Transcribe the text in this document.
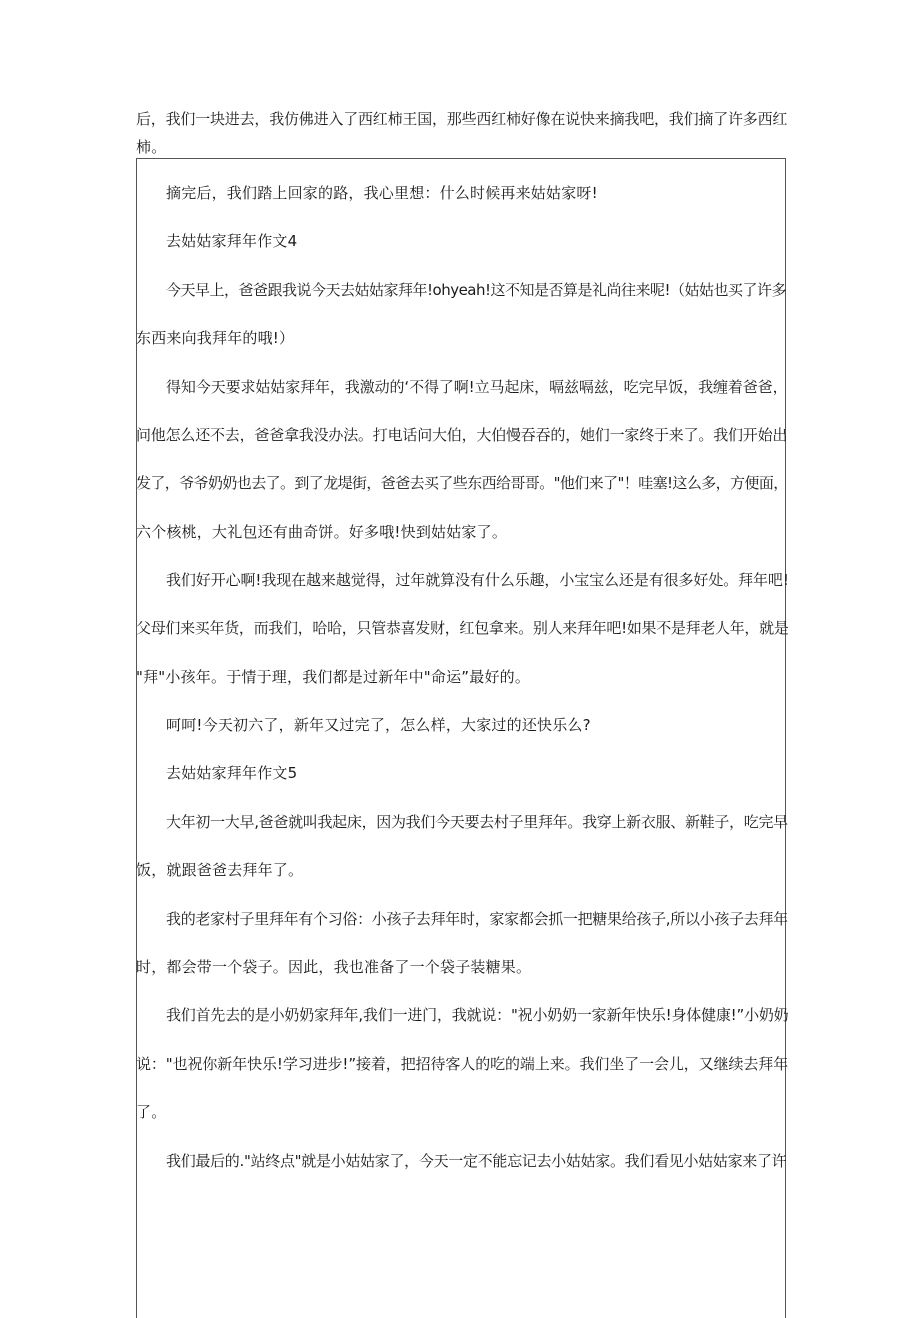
后，我们一块进去，我仿佛进入了西红柿王国，那些西红柿好像在说快来摘我吧，我们摘了许多西红
柿。
摘完后，我们踏上回家的路，我心里想：什么时候再来姑姑家呀!
去姑姑家拜年作文4
今天早上，爸爸跟我说今天去姑姑家拜年!ohyeah!这不知是否算是礼尚往来呢!（姑姑也买了许多
东西来向我拜年的哦!）
得知今天要求姑姑家拜年，我激动的‘不得了啊!立马起床，嗝兹嗝兹，吃完早饭，我缠着爸爸，
问他怎么还不去，爸爸拿我没办法。打电话问大伯，大伯慢吞吞的，她们一家终于来了。我们开始出
发了，爷爷奶奶也去了。到了龙堤街，爸爸去买了些东西给哥哥。"他们来了"！哇塞!这么多，方便面，
六个核桃，大礼包还有曲奇饼。好多哦!快到姑姑家了。
我们好开心啊!我现在越来越觉得，过年就算没有什么乐趣，小宝宝么还是有很多好处。拜年吧!
父母们来买年货，而我们，哈哈，只管恭喜发财，红包拿来。别人来拜年吧!如果不是拜老人年，就是
"拜"小孩年。于情于理，我们都是过新年中"命运”最好的。
呵呵!今天初六了，新年又过完了，怎么样，大家过的还快乐么?
去姑姑家拜年作文5
大年初一大早,爸爸就叫我起床，因为我们今天要去村子里拜年。我穿上新衣服、新鞋子，吃完早
饭，就跟爸爸去拜年了。
我的老家村子里拜年有个习俗：小孩子去拜年时，家家都会抓一把糖果给孩子,所以小孩子去拜年
时，都会带一个袋子。因此，我也准备了一个袋子装糖果。
我们首先去的是小奶奶家拜年,我们一进门，我就说："祝小奶奶一家新年快乐!身体健康!”小奶奶
说："也祝你新年快乐!学习进步!”接着，把招待客人的吃的端上来。我们坐了一会儿，又继续去拜年
了。
我们最后的."站终点"就是小姑姑家了，今天一定不能忘记去小姑姑家。我们看见小姑姑家来了许
